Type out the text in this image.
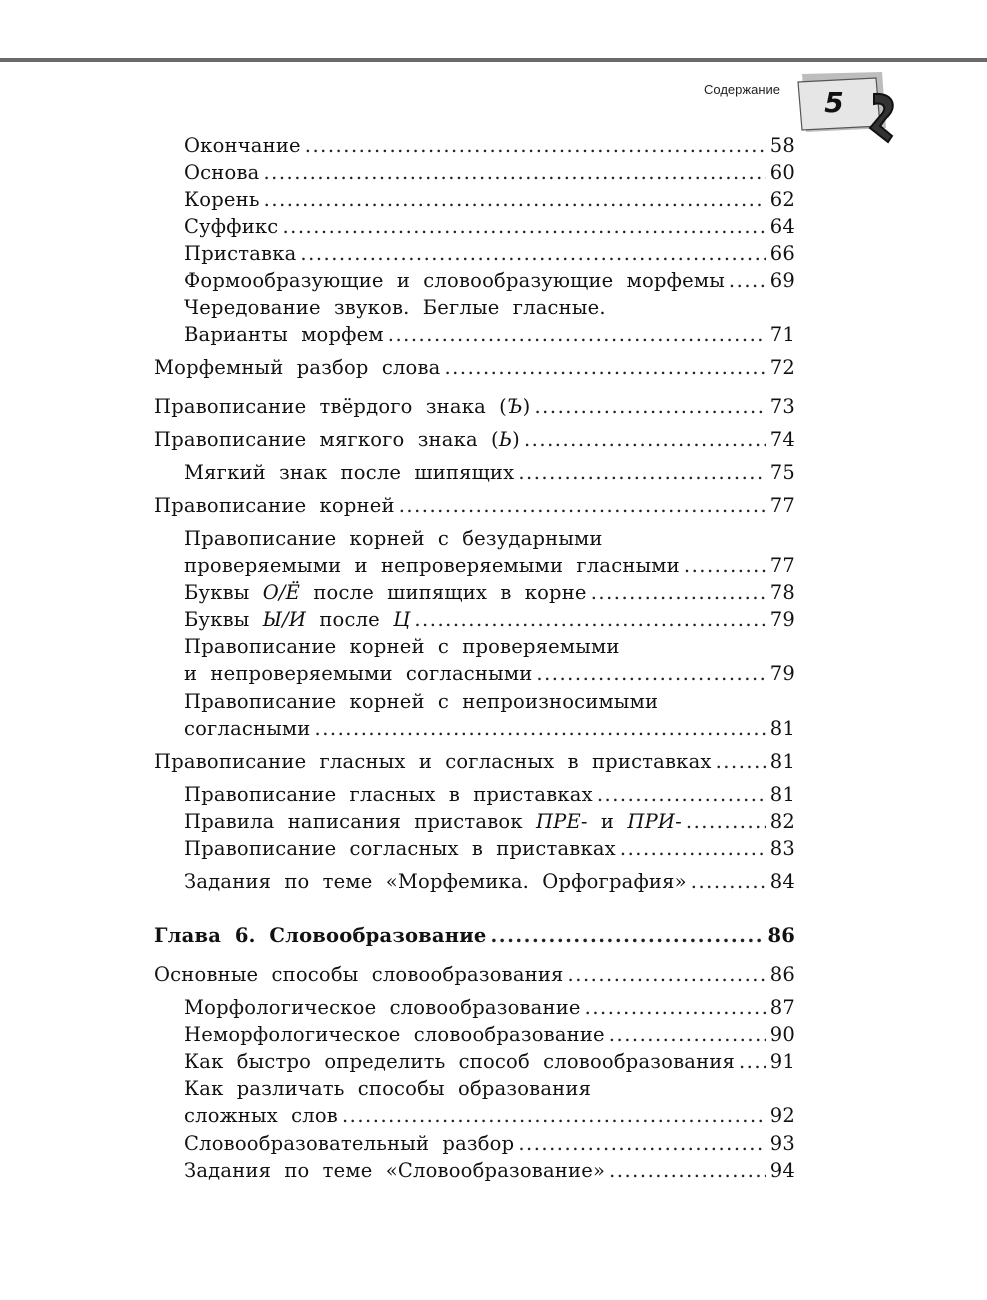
Содержание 5
Окончание .....	58
Основа .....	60
Корень .....	62
Суффикс .....	64
Приставка .....	66
Формообразующие и словообразующие морфемы ..... 69
Чередование звуков. Беглые гласные.
Варианты морфем .....	71
Морфемный разбор слова .....	72
Правописание твёрдого знака (Ъ) .....	73
Правописание мягкого знака (Ь) .....	74
Мягкий знак после шипящих .....	75
Правописание корней .....	77
Правописание корней с безударными
проверяемыми и непроверяемыми гласными .....	77
Буквы О/Ё после шипящих в корне .....	78
Буквы Ы/И после Ц .....	79
Правописание корней с проверяемыми
и непроверяемыми согласными .....	79
Правописание корней с непроизносимыми
согласными .....	81
Правописание гласных и согласных в приставках .....	81
Правописание гласных в приставках .....	81
Правила написания приставок ПРЕ- и ПРИ- .....	82
Правописание согласных в приставках .....	83
Задания по теме «Морфемика. Орфография» .....	84
Глава 6. Словообразование .....	86
Основные способы словообразования .....	86
Морфологическое словообразование .....	87
Неморфологическое словообразование .....	90
Как быстро определить способ словообразования ..... 91
Как различать способы образования
сложных слов .....	92
Словообразовательный разбор .....	93
Задания по теме «Словообразование» .....	94
